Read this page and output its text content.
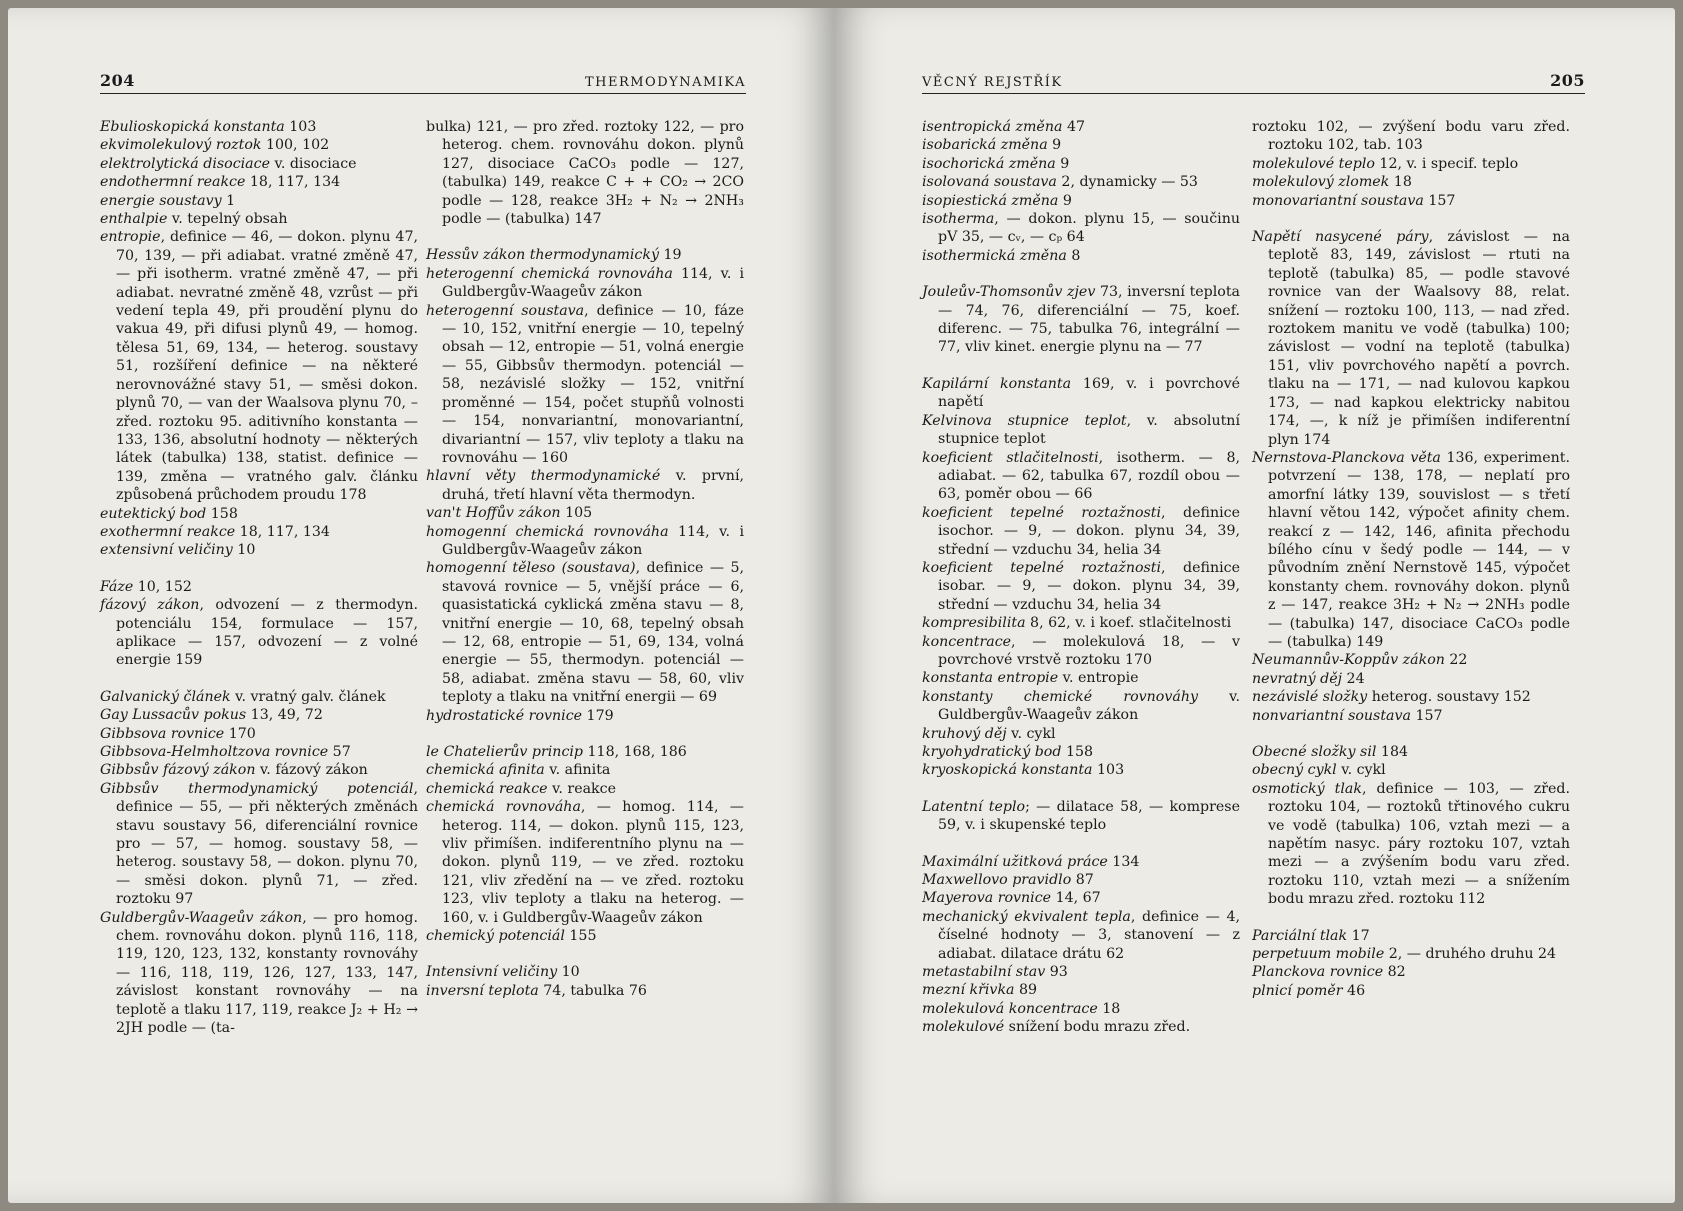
204	THERMODYNAMIKA
Ebulioskopická konstanta 103
ekvimolekulový roztok 100, 102
elektrolytická disociace v. disociace
endothermní reakce 18, 117, 134
energie soustavy 1
enthalpie v. tepelný obsah
entropie, definice — 46, — dokon. plynu 47, 70, 139, — při adiabat. vratné změně 47, — při isotherm. vratné změně 47, — při adiabat. nevratné změně 48, vzrůst — při vedení tepla 49, při proudění plynu do vakua 49, při difusi plynů 49, — homog. tělesa 51, 69, 134, — heterog. soustavy 51, rozšíření definice — na některé nerovnovážné stavy 51, — směsi dokon. plynů 70, — van der Waalsova plynu 70, – zřed. roztoku 95. aditivního konstanta — 133, 136, absolutní hodnoty — některých látek (tabulka) 138, statist. definice — 139, změna — vratného galv. článku způsobená průchodem proudu 178
eutektický bod 158
exothermní reakce 18, 117, 134
extensivní veličiny 10
Fáze 10, 152
fázový zákon, odvození — z thermodyn. potenciálu 154, formulace — 157, aplikace — 157, odvození — z volné energie 159
Galvanický článek v. vratný galv. článek
Gay Lussacův pokus 13, 49, 72
Gibbsova rovnice 170
Gibbsova-Helmholtzova rovnice 57
Gibbsův fázový zákon v. fázový zákon
Gibbsův thermodynamický potenciál, definice — 55, — při některých změnách stavu soustavy 56, diferenciální rovnice pro — 57, — homog. soustavy 58, — heterog. soustavy 58, — dokon. plynu 70, — směsi dokon. plynů 71, — zřed. roztoku 97
Guldbergův-Waageův zákon, — pro homog. chem. rovnováhu dokon. plynů 116, 118, 119, 120, 123, 132, konstanty rovnováhy — 116, 118, 119, 126, 127, 133, 147, závislost konstant rovnováhy — na teplotě a tlaku 117, 119, reakce J₂ + H₂ → 2JH podle — (ta-
bulka) 121, — pro zřed. roztoky 122, — pro heterog. chem. rovnováhu dokon. plynů 127, disociace CaCO₃ podle — 127, (tabulka) 149, reakce C + + CO₂ → 2CO podle — 128, reakce 3H₂ + N₂ → 2NH₃ podle — (tabulka) 147
Hessův zákon thermodynamický 19
heterogenní chemická rovnováha 114, v. i Guldbergův-Waageův zákon
heterogenní soustava, definice — 10, fáze — 10, 152, vnitřní energie — 10, tepelný obsah — 12, entropie — 51, volná energie — 55, Gibbsův thermodyn. potenciál — 58, nezávislé složky — 152, vnitřní proměnné — 154, počet stupňů volnosti — 154, nonvariantní, monovariantní, divariantní — 157, vliv teploty a tlaku na rovnováhu — 160
hlavní věty thermodynamické v. první, druhá, třetí hlavní věta thermodyn.
van't Hoffův zákon 105
homogenní chemická rovnováha 114, v. i Guldbergův-Waageův zákon
homogenní těleso (soustava), definice — 5, stavová rovnice — 5, vnější práce — 6, quasistatická cyklická změna stavu — 8, vnitřní energie — 10, 68, tepelný obsah — 12, 68, entropie — 51, 69, 134, volná energie — 55, thermodyn. potenciál — 58, adiabat. změna stavu — 58, 60, vliv teploty a tlaku na vnitřní energii — 69
hydrostatické rovnice 179
le Chatelierův princip 118, 168, 186
chemická afinita v. afinita
chemická reakce v. reakce
chemická rovnováha, — homog. 114, — heterog. 114, — dokon. plynů 115, 123, vliv přimíšen. indiferentního plynu na — dokon. plynů 119, — ve zřed. roztoku 121, vliv zředění na — ve zřed. roztoku 123, vliv teploty a tlaku na heterog. — 160, v. i Guldbergův-Waageův zákon
chemický potenciál 155
Intensivní veličiny 10
inversní teplota 74, tabulka 76
VĚCNÝ REJSTŘÍK	205
isentropická změna 47
isobarická změna 9
isochorická změna 9
isolovaná soustava 2, dynamicky — 53
isopiestická změna 9
isotherma, — dokon. plynu 15, — součinu pV 35, — cᵥ, — cₚ 64
isothermická změna 8
Jouleův-Thomsonův zjev 73, inversní teplota — 74, 76, diferenciální — 75, koef. diferenc. — 75, tabulka 76, integrální — 77, vliv kinet. energie plynu na — 77
Kapilární konstanta 169, v. i povrchové napětí
Kelvinova stupnice teplot, v. absolutní stupnice teplot
koeficient stlačitelnosti, isotherm. — 8, adiabat. — 62, tabulka 67, rozdíl obou — 63, poměr obou — 66
koeficient tepelné roztažnosti, definice isochor. — 9, — dokon. plynu 34, 39, střední — vzduchu 34, helia 34
koeficient tepelné roztažnosti, definice isobar. — 9, — dokon. plynu 34, 39, střední — vzduchu 34, helia 34
kompresibilita 8, 62, v. i koef. stlačitelnosti
koncentrace, — molekulová 18, — v povrchové vrstvě roztoku 170
konstanta entropie v. entropie
konstanty chemické rovnováhy v. Guldbergův-Waageův zákon
kruhový děj v. cykl
kryohydratický bod 158
kryoskopická konstanta 103
Latentní teplo; — dilatace 58, — komprese 59, v. i skupenské teplo
Maximální užitková práce 134
Maxwellovo pravidlo 87
Mayerova rovnice 14, 67
mechanický ekvivalent tepla, definice — 4, číselné hodnoty — 3, stanovení — z adiabat. dilatace drátu 62
metastabilní stav 93
mezní křivka 89
molekulová koncentrace 18
molekulové snížení bodu mrazu zřed.
roztoku 102, — zvýšení bodu varu zřed. roztoku 102, tab. 103
molekulové teplo 12, v. i specif. teplo
molekulový zlomek 18
monovariantní soustava 157
Napětí nasycené páry, závislost — na teplotě 83, 149, závislost — rtuti na teplotě (tabulka) 85, — podle stavové rovnice van der Waalsovy 88, relat. snížení — roztoku 100, 113, — nad zřed. roztokem manitu ve vodě (tabulka) 100; závislost — vodní na teplotě (tabulka) 151, vliv povrchového napětí a povrch. tlaku na — 171, — nad kulovou kapkou 173, — nad kapkou elektricky nabitou 174, —, k níž je přimíšen indiferentní plyn 174
Nernstova-Planckova věta 136, experiment. potvrzení — 138, 178, — neplatí pro amorfní látky 139, souvislost — s třetí hlavní větou 142, výpočet afinity chem. reakcí z — 142, 146, afinita přechodu bílého cínu v šedý podle — 144, — v původním znění Nernstově 145, výpočet konstanty chem. rovnováhy dokon. plynů z — 147, reakce 3H₂ + N₂ → 2NH₃ podle — (tabulka) 147, disociace CaCO₃ podle — (tabulka) 149
Neumannův-Koppův zákon 22
nevratný děj 24
nezávislé složky heterog. soustavy 152
nonvariantní soustava 157
Obecné složky sil 184
obecný cykl v. cykl
osmotický tlak, definice — 103, — zřed. roztoku 104, — roztoků třtinového cukru ve vodě (tabulka) 106, vztah mezi — a napětím nasyc. páry roztoku 107, vztah mezi — a zvýšením bodu varu zřed. roztoku 110, vztah mezi — a snížením bodu mrazu zřed. roztoku 112
Parciální tlak 17
perpetuum mobile 2, — druhého druhu 24
Planckova rovnice 82
plnicí poměr 46
